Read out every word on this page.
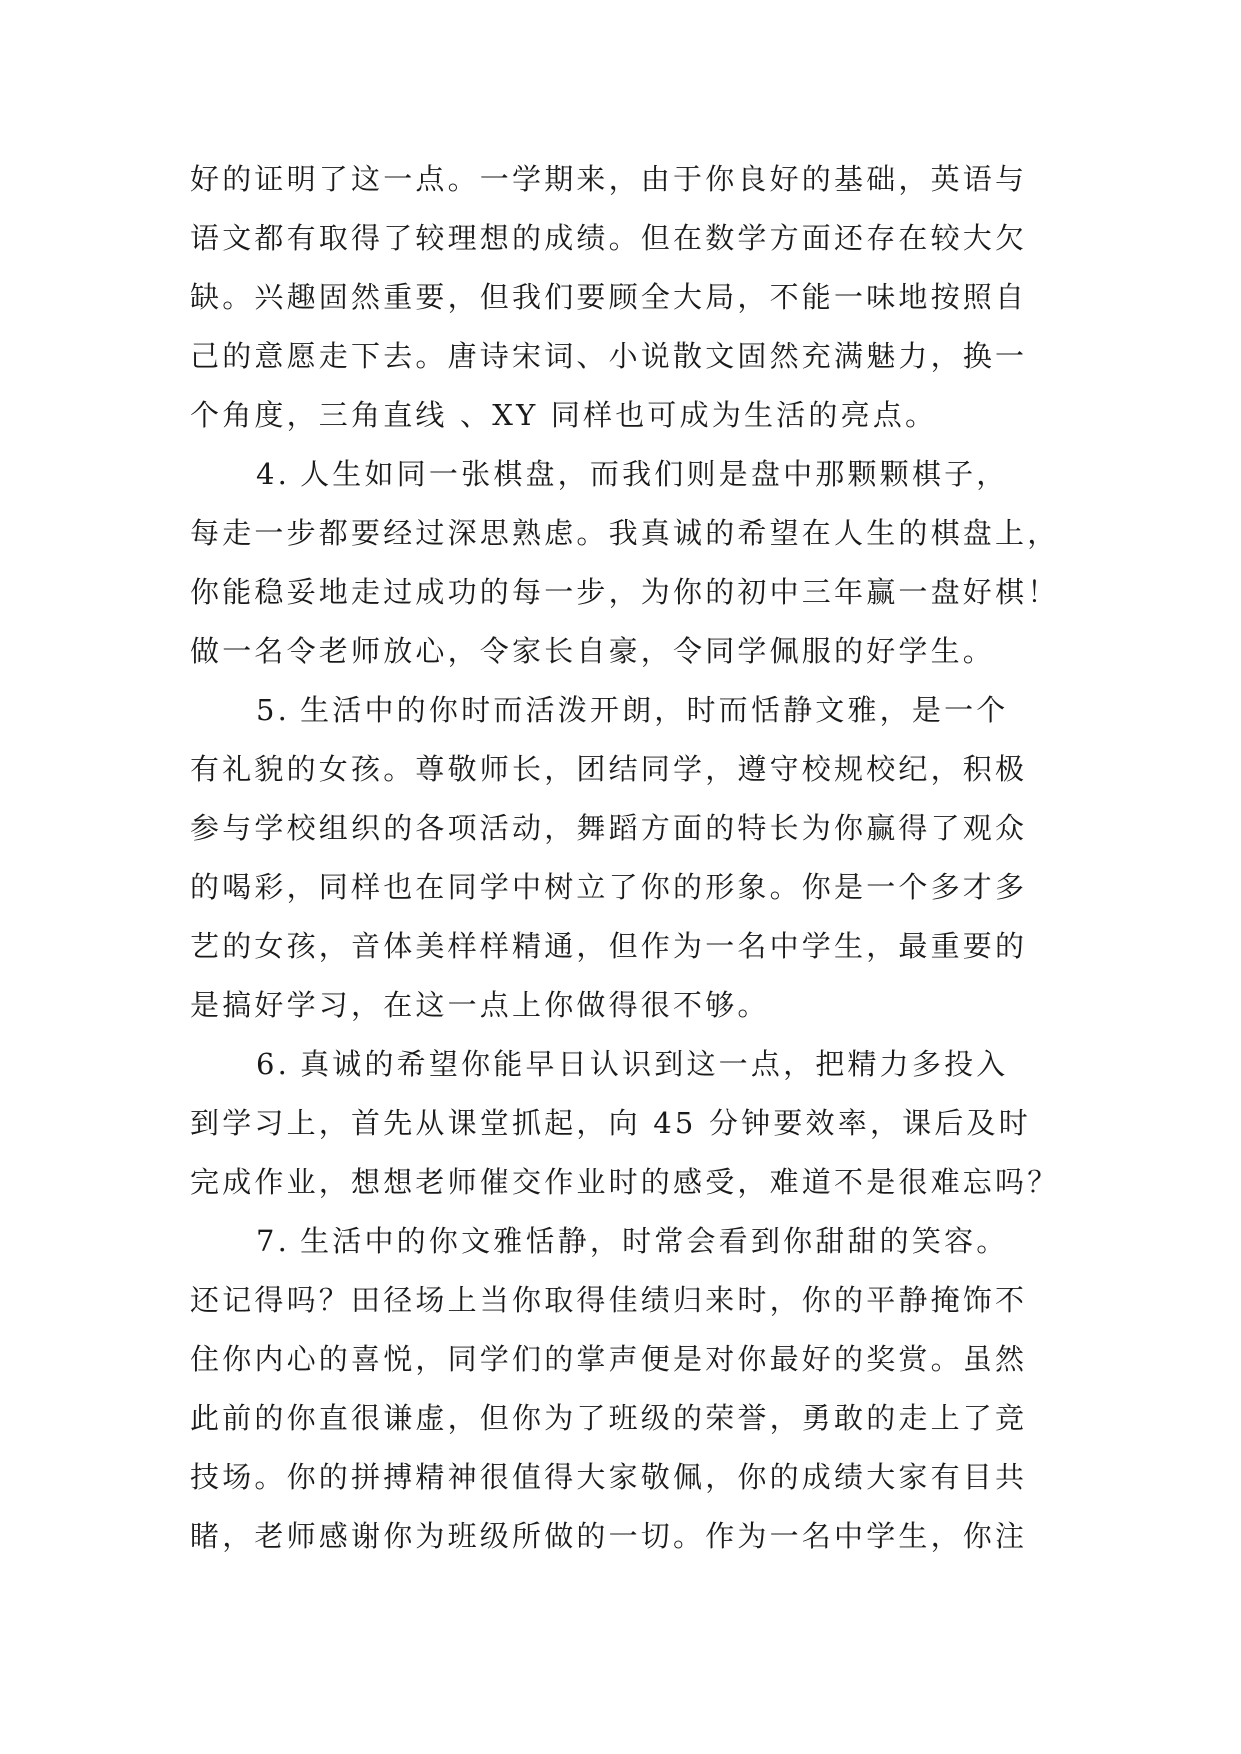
好的证明了这一点。一学期来，由于你良好的基础，英语与
语文都有取得了较理想的成绩。但在数学方面还存在较大欠
缺。兴趣固然重要，但我们要顾全大局，不能一味地按照自
己的意愿走下去。唐诗宋词、小说散文固然充满魅力，换一
个角度，三角直线 、XY 同样也可成为生活的亮点。

4. 人生如同一张棋盘，而我们则是盘中那颗颗棋子，
每走一步都要经过深思熟虑。我真诚的希望在人生的棋盘上，
你能稳妥地走过成功的每一步，为你的初中三年赢一盘好棋！
做一名令老师放心，令家长自豪，令同学佩服的好学生。

5. 生活中的你时而活泼开朗，时而恬静文雅，是一个
有礼貌的女孩。尊敬师长，团结同学，遵守校规校纪，积极
参与学校组织的各项活动，舞蹈方面的特长为你赢得了观众
的喝彩，同样也在同学中树立了你的形象。你是一个多才多
艺的女孩，音体美样样精通，但作为一名中学生，最重要的
是搞好学习，在这一点上你做得很不够。

6. 真诚的希望你能早日认识到这一点，把精力多投入
到学习上，首先从课堂抓起，向 45 分钟要效率，课后及时
完成作业，想想老师催交作业时的感受，难道不是很难忘吗？

7. 生活中的你文雅恬静，时常会看到你甜甜的笑容。
还记得吗？田径场上当你取得佳绩归来时，你的平静掩饰不
住你内心的喜悦，同学们的掌声便是对你最好的奖赏。虽然
此前的你直很谦虚，但你为了班级的荣誉，勇敢的走上了竞
技场。你的拼搏精神很值得大家敬佩，你的成绩大家有目共
睹，老师感谢你为班级所做的一切。作为一名中学生，你注
